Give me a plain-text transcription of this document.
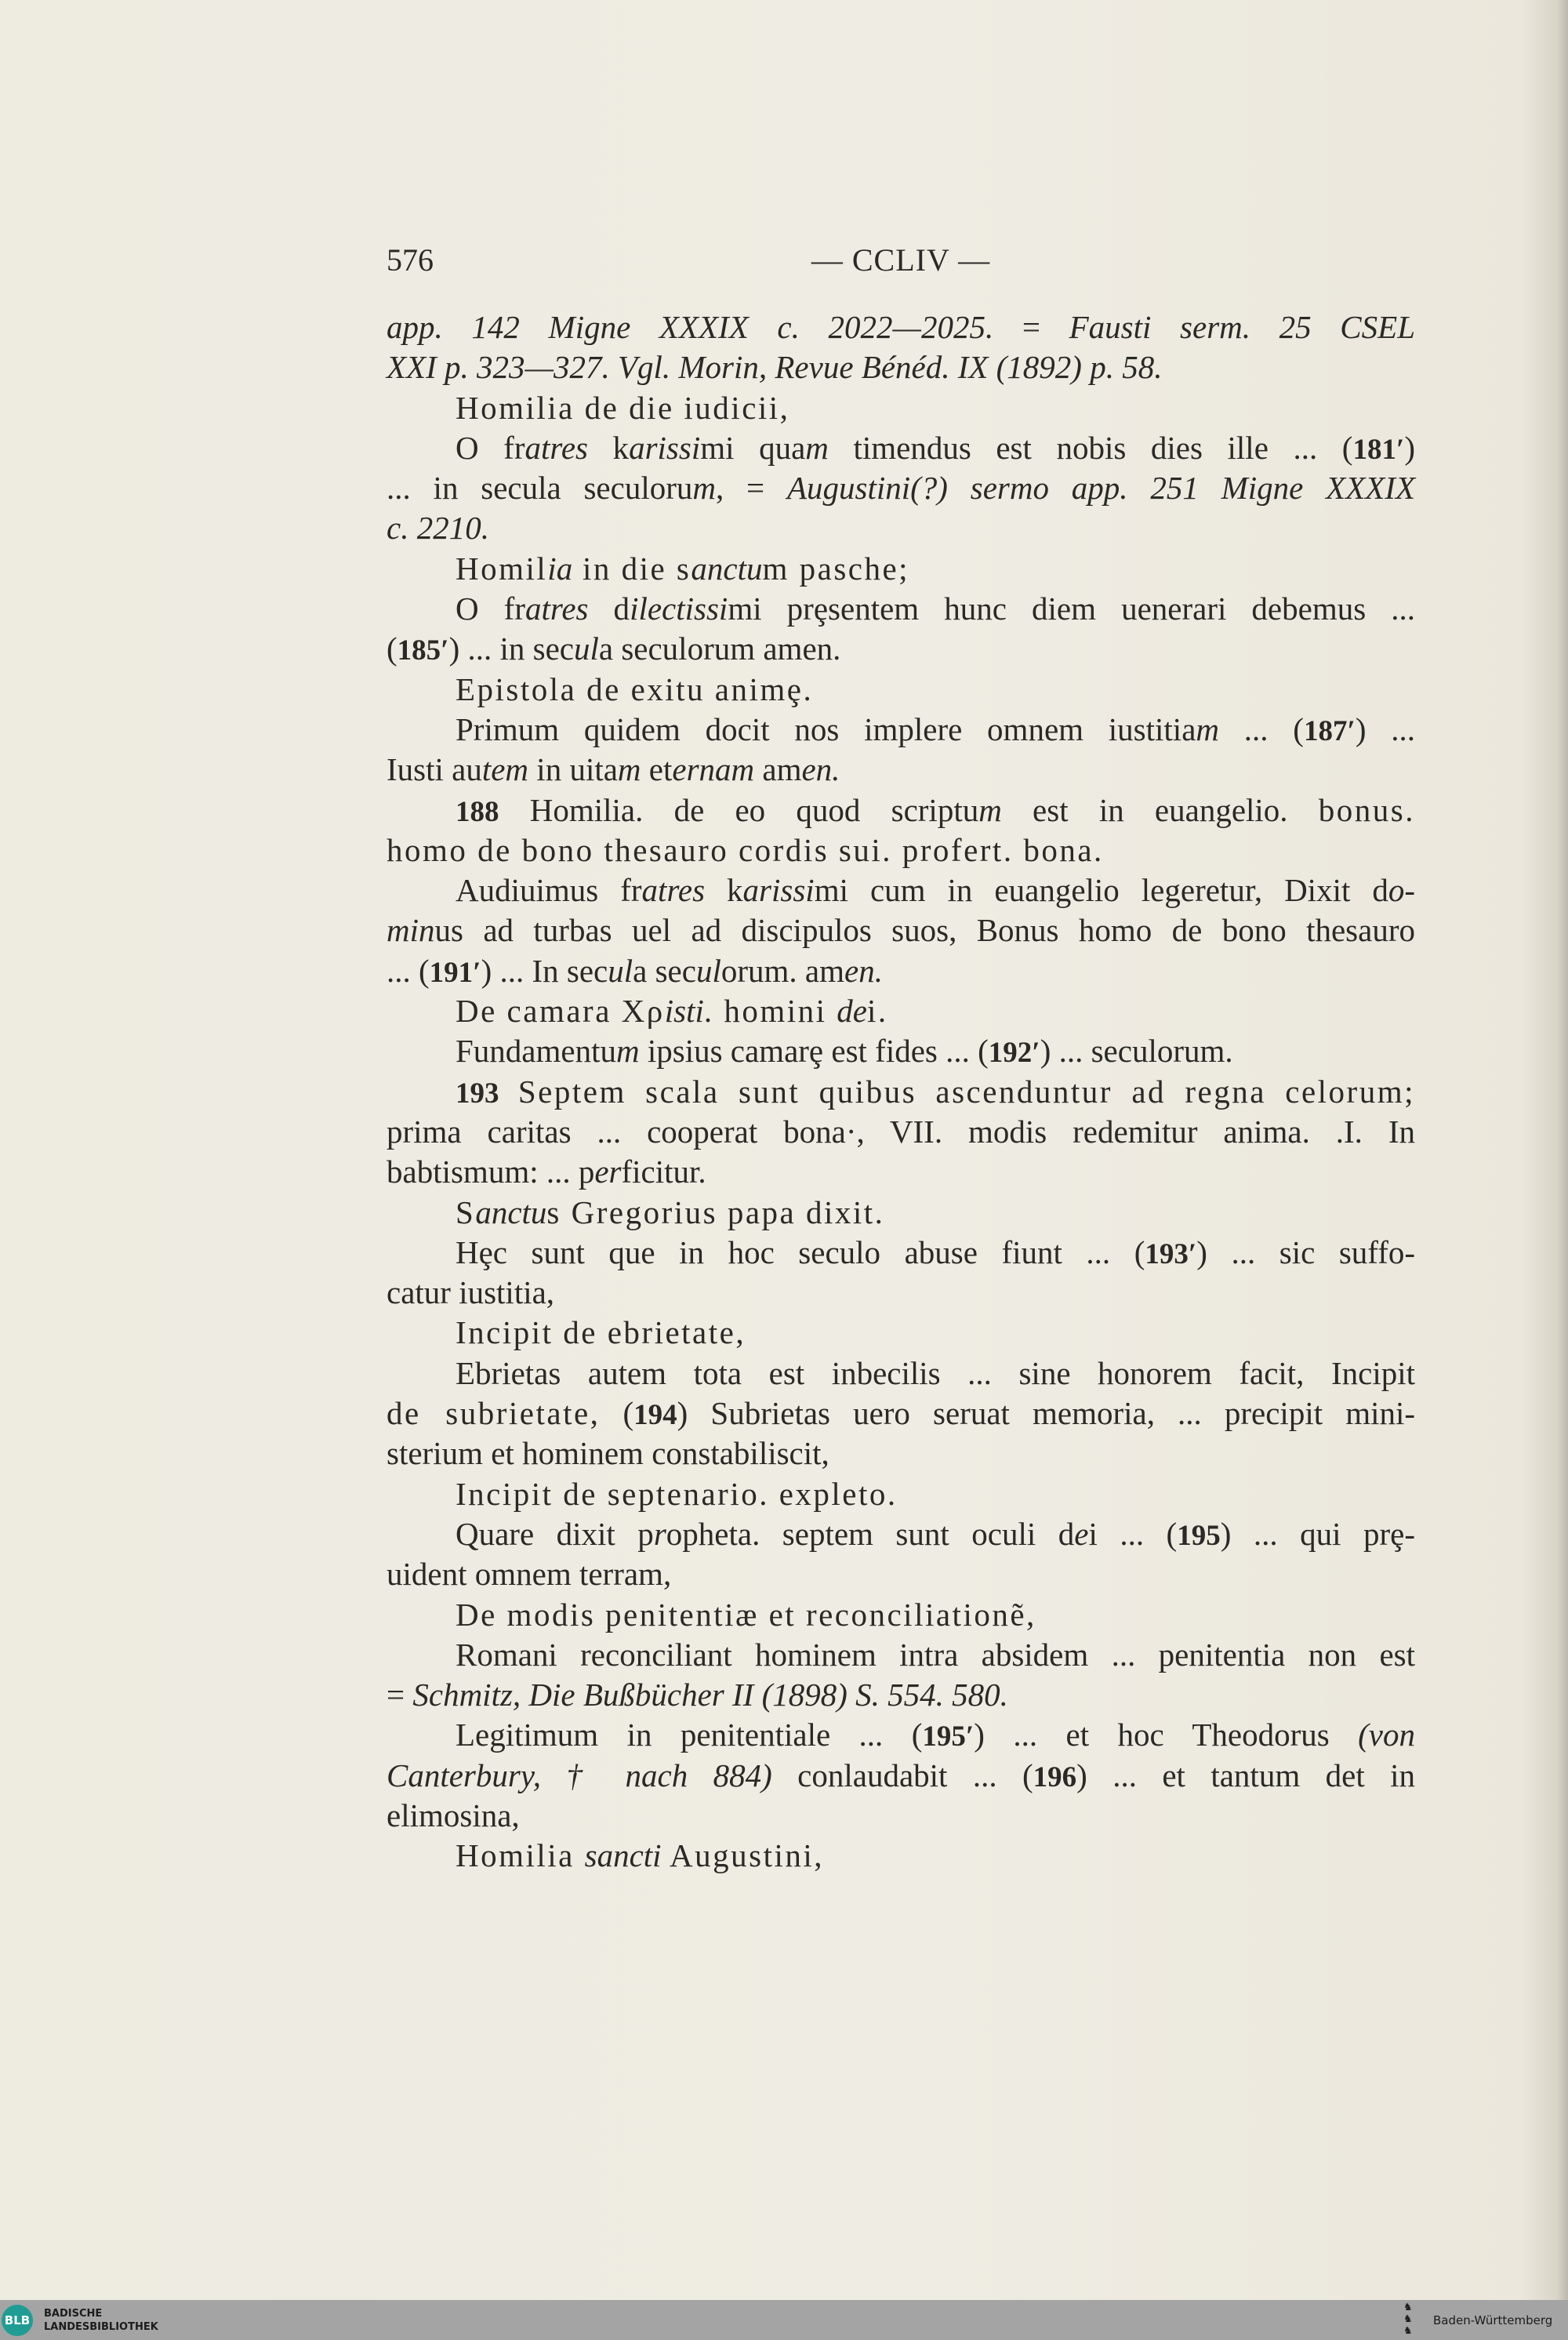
576	— CCLIV —
app. 142 Migne XXXIX c. 2022—2025. = Fausti serm. 25 CSEL
XXI p. 323—327. Vgl. Morin, Revue Bénéd. IX (1892) p. 58.
Homilia de die iudicii,
O fratres karissimi quam timendus est nobis dies ille ... (181′)
... in secula seculorum, = Augustini(?) sermo app. 251 Migne XXXIX
c. 2210.
Homilia in die sanctum pasche;
O fratres dilectissimi prȩsentem hunc diem uenerari debemus ...
(185′) ... in secula seculorum amen.
Epistola de exitu animȩ.
Primum quidem docit nos implere omnem iustitiam ... (187′) ...
Iusti autem in uitam eternam amen.
188 Homilia. de eo quod scriptum est in euangelio. bonus.
homo de bono thesauro cordis sui. profert. bona.
Audiuimus fratres karissimi cum in euangelio legeretur, Dixit do-
minus ad turbas uel ad discipulos suos, Bonus homo de bono thesauro
... (191′) ... In secula seculorum. amen.
De camara Xρisti. homini dei.
Fundamentum ipsius camarȩ est fides ... (192′) ... seculorum.
193 Septem scala sunt quibus ascenduntur ad regna celorum;
prima caritas ... cooperat bona·, VII. modis redemitur anima. .I. In
babtismum: ... perficitur.
Sanctus Gregorius papa dixit.
Hȩc sunt que in hoc seculo abuse fiunt ... (193′) ... sic suffo-
catur iustitia,
Incipit de ebrietate,
Ebrietas autem tota est inbecilis ... sine honorem facit, Incipit
de subrietate, (194) Subrietas uero seruat memoria, ... precipit mini-
sterium et hominem constabiliscit,
Incipit de septenario. expleto.
Quare dixit propheta. septem sunt oculi dei ... (195) ... qui prȩ-
uident omnem terram,
De modis penitentiæ et reconciliationẽ,
Romani reconciliant hominem intra absidem ... penitentia non est
= Schmitz, Die Bußbücher II (1898) S. 554. 580.
Legitimum in penitentiale ... (195′) ... et hoc Theodorus (von
Canterbury, † nach 884) conlaudabit ... (196) ... et tantum det in
elimosina,
Homilia sancti Augustini,
BLB BADISCHE
LANDESBIBLIOTHEK
♞
♞
♞
Baden-Württemberg
